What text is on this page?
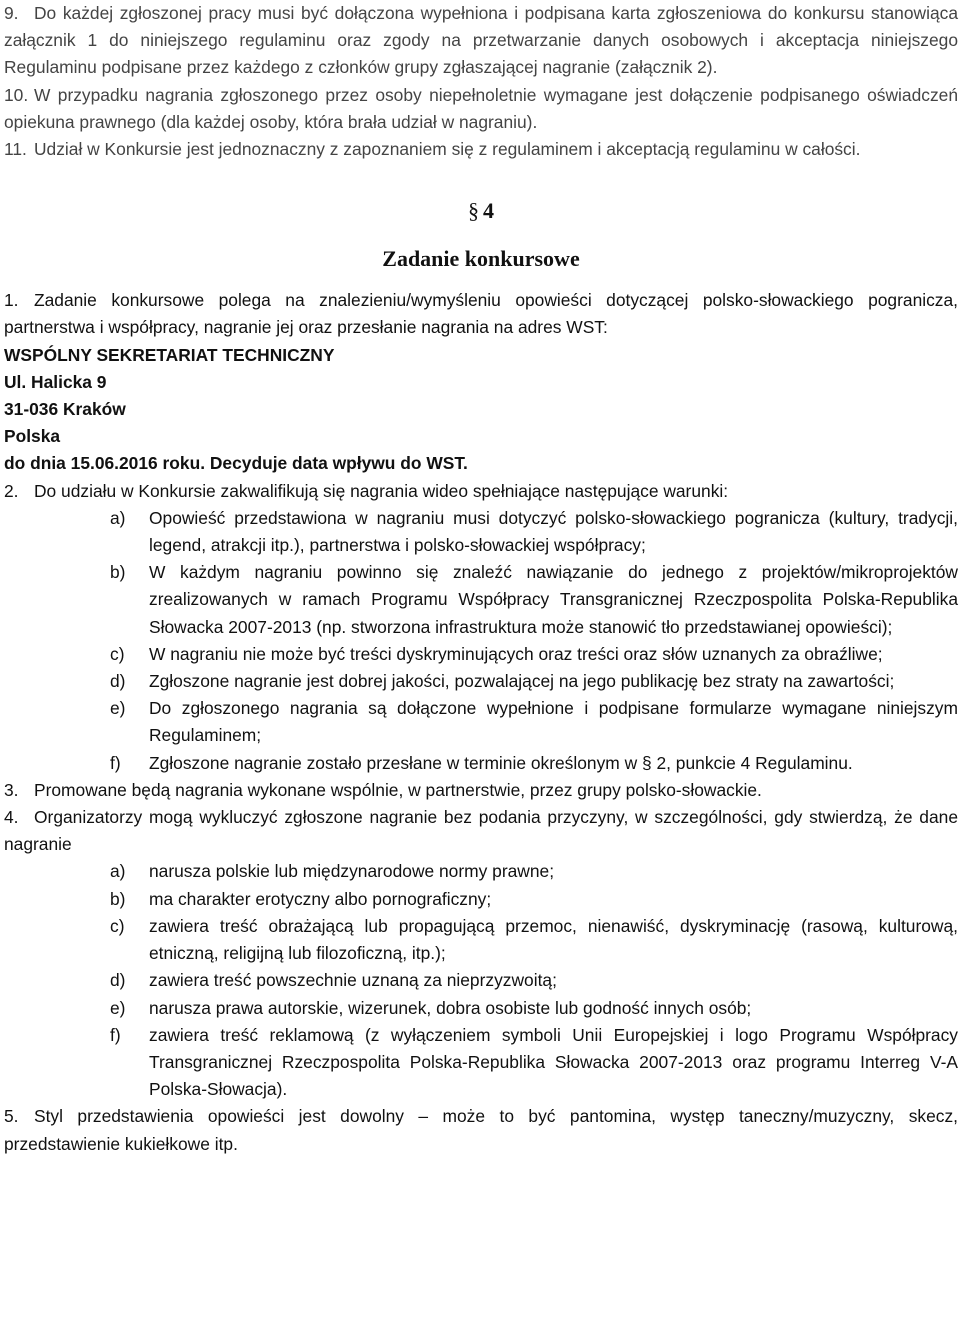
9. Do każdej zgłoszonej pracy musi być dołączona wypełniona i podpisana karta zgłoszeniowa do konkursu stanowiąca załącznik 1 do niniejszego regulaminu oraz zgody na przetwarzanie danych osobowych i akceptacja niniejszego Regulaminu podpisane przez każdego z członków grupy zgłaszającej nagranie (załącznik 2).

10. W przypadku nagrania zgłoszonego przez osoby niepełnoletnie wymagane jest dołączenie podpisanego oświadczeń opiekuna prawnego (dla każdej osoby, która brała udział w nagraniu).

11. Udział w Konkursie jest jednoznaczny z zapoznaniem się z regulaminem i akceptacją regulaminu w całości.

§ 4
Zadanie konkursowe

1. Zadanie konkursowe polega na znalezieniu/wymyśleniu opowieści dotyczącej polsko-słowackiego pogranicza, partnerstwa i współpracy, nagranie jej oraz przesłanie nagrania na adres WST:

WSPÓLNY SEKRETARIAT TECHNICZNY

Ul. Halicka 9

31-036 Kraków

Polska

do dnia 15.06.2016 roku. Decyduje data wpływu do WST.

2. Do udziału w Konkursie zakwalifikują się nagrania wideo spełniające następujące warunki:

a) Opowieść przedstawiona w nagraniu musi dotyczyć polsko-słowackiego pogranicza (kultury, tradycji, legend, atrakcji itp.), partnerstwa i polsko-słowackiej współpracy;
b) W każdym nagraniu powinno się znaleźć nawiązanie do jednego z projektów/mikroprojektów zrealizowanych w ramach Programu Współpracy Transgranicznej Rzeczpospolita Polska-Republika Słowacka 2007-2013 (np. stworzona infrastruktura może stanowić tło przedstawianej opowieści);
c) W nagraniu nie może być treści dyskryminujących oraz treści oraz słów uznanych za obraźliwe;
d) Zgłoszone nagranie jest dobrej jakości, pozwalającej na jego publikację bez straty na zawartości;
e) Do zgłoszonego nagrania są dołączone wypełnione i podpisane formularze wymagane niniejszym Regulaminem;
f) Zgłoszone nagranie zostało przesłane w terminie określonym w § 2, punkcie 4 Regulaminu.

3. Promowane będą nagrania wykonane wspólnie, w partnerstwie, przez grupy polsko-słowackie.

4. Organizatorzy mogą wykluczyć zgłoszone nagranie bez podania przyczyny, w szczególności, gdy stwierdzą, że dane nagranie

a) narusza polskie lub międzynarodowe normy prawne;
b) ma charakter erotyczny albo pornograficzny;
c) zawiera treść obrażającą lub propagującą przemoc, nienawiść, dyskryminację (rasową, kulturową, etniczną, religijną lub filozoficzną, itp.);
d) zawiera treść powszechnie uznaną za nieprzyzwoitą;
e) narusza prawa autorskie, wizerunek, dobra osobiste lub godność innych osób;
f) zawiera treść reklamową (z wyłączeniem symboli Unii Europejskiej i logo Programu Współpracy Transgranicznej Rzeczpospolita Polska-Republika Słowacka 2007-2013 oraz programu Interreg V-A Polska-Słowacja).

5. Styl przedstawienia opowieści jest dowolny – może to być pantomina, występ taneczny/muzyczny, skecz, przedstawienie kukiełkowe itp.
